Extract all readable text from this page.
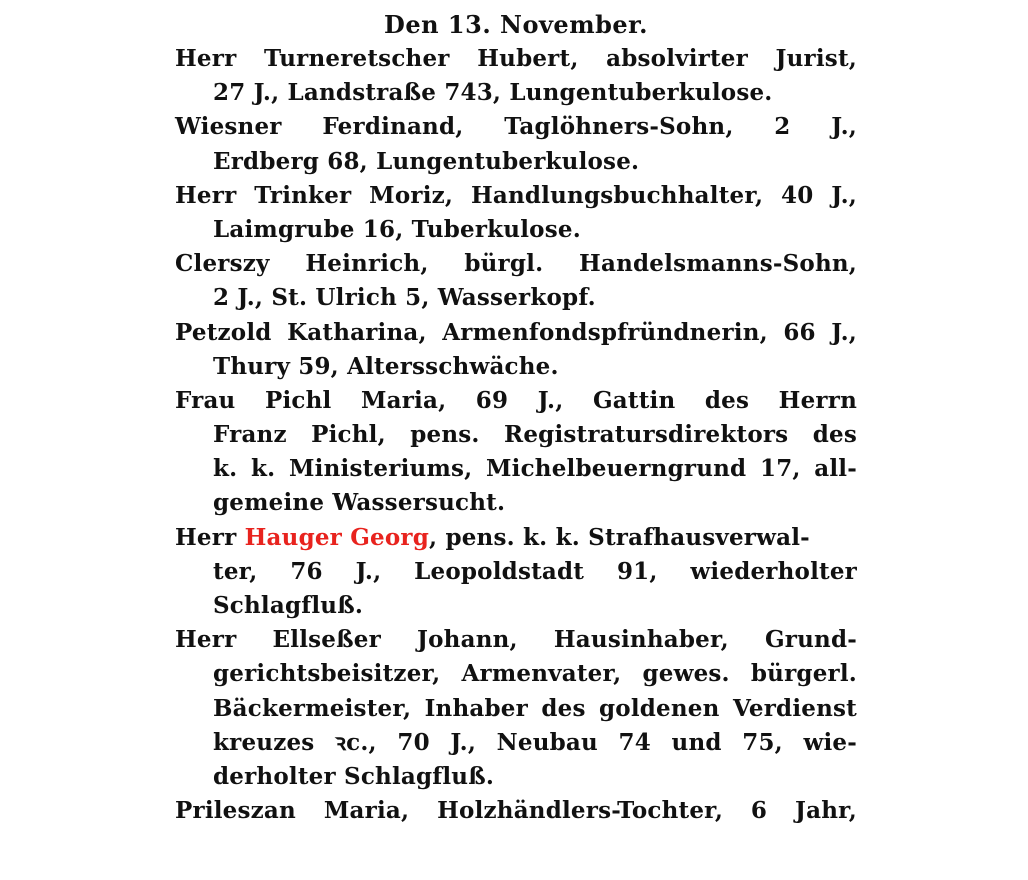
Den 13. November.
Herr Turneretscher Hubert, absolvirter Jurist,
27 J., Landstraße 743, Lungentuberkulose.
Wiesner Ferdinand, Taglöhners-Sohn, 2 J.,
Erdberg 68, Lungentuberkulose.
Herr Trinker Moriz, Handlungsbuchhalter, 40 J.,
Laimgrube 16, Tuberkulose.
Clerszy Heinrich, bürgl. Handelsmanns-Sohn,
2 J., St. Ulrich 5, Wasserkopf.
Petzold Katharina, Armenfondspfründnerin, 66 J.,
Thury 59, Altersschwäche.
Frau Pichl Maria, 69 J., Gattin des Herrn
Franz Pichl, pens. Registratursdirektors des
k. k. Ministeriums, Michelbeuerngrund 17, all-
gemeine Wassersucht.
Herr Hauger Georg, pens. k. k. Strafhausverwal-
ter, 76 J., Leopoldstadt 91, wiederholter
Schlagfluß.
Herr Ellseßer Johann, Hausinhaber, Grund-
gerichtsbeisitzer, Armenvater, gewes. bürgerl.
Bäckermeister, Inhaber des goldenen Verdienst
kreuzes ꝛc., 70 J., Neubau 74 und 75, wie-
derholter Schlagfluß.
Prileszan Maria, Holzhändlers-Tochter, 6 Jahr,
